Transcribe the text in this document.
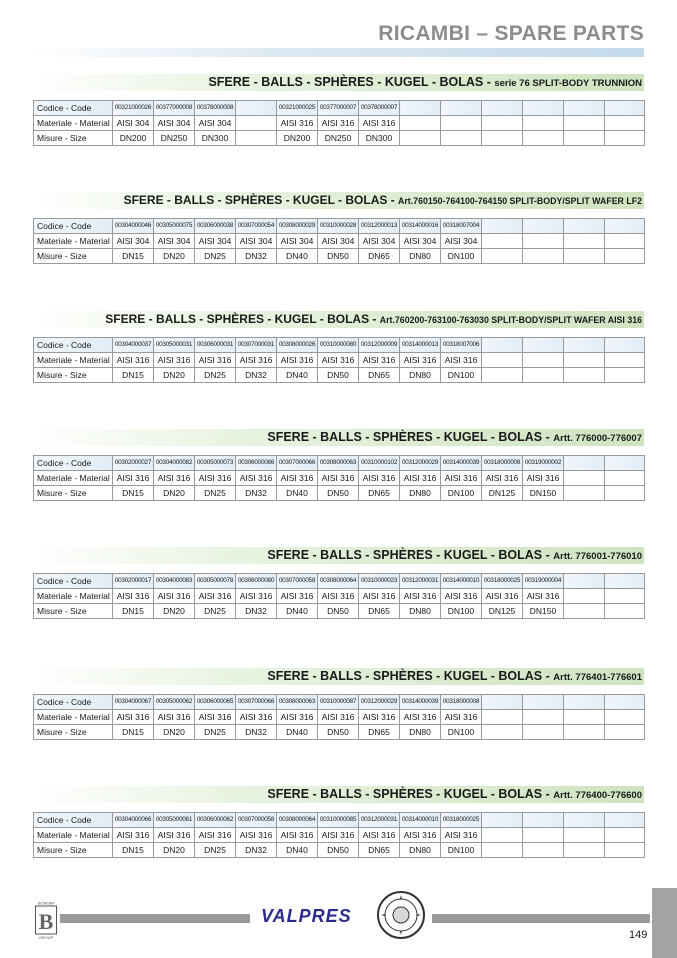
RICAMBI – SPARE PARTS
SFERE - BALLS - SPHÈRES - KUGEL - BOLAS - serie 76 SPLIT-BODY TRUNNION
Codice - Code	00321000026	00377000008	00378000008		00321000025	00377000007	00378000007						
Materiale - Material	AISI 304	AISI 304	AISI 304		AISI 316	AISI 316	AISI 316						
Misure - Size	DN200	DN250	DN300		DN200	DN250	DN300						
SFERE - BALLS - SPHÈRES - KUGEL - BOLAS - Art.760150-764100-764150 SPLIT-BODY/SPLIT WAFER LF2
Codice - Code	00304000046	00305000075	00306000038	00307000054	00308000029	00310000028	00312000013	00314000016	00318007004				
Materiale - Material	AISI 304	AISI 304	AISI 304	AISI 304	AISI 304	AISI 304	AISI 304	AISI 304	AISI 304				
Misure - Size	DN15	DN20	DN25	DN32	DN40	DN50	DN65	DN80	DN100				
SFERE - BALLS - SPHÈRES - KUGEL - BOLAS - Art.760200-763100-763030 SPLIT-BODY/SPLIT WAFER AISI 316
Codice - Code	00304000037	00305000031	00306000031	00307000031	00308000026	00310000080	00312000009	00314000013	00318007006				
Materiale - Material	AISI 316	AISI 316	AISI 316	AISI 316	AISI 316	AISI 316	AISI 316	AISI 316	AISI 316				
Misure - Size	DN15	DN20	DN25	DN32	DN40	DN50	DN65	DN80	DN100				
SFERE - BALLS - SPHÈRES - KUGEL - BOLAS - Artt. 776000-776007
Codice - Code	00302000027	00304000082	00305000073	00306000086	00307000066	00308000063	00310000102	00312000029	00314000039	00318000008	00319000002		
Materiale - Material	AISI 316	AISI 316	AISI 316	AISI 316	AISI 316	AISI 316	AISI 316	AISI 316	AISI 316	AISI 316	AISI 316		
Misure - Size	DN15	DN20	DN25	DN32	DN40	DN50	DN65	DN80	DN100	DN125	DN150		
SFERE - BALLS - SPHÈRES - KUGEL - BOLAS - Artt. 776001-776010
Codice - Code	00302000017	00304000083	00305000078	00306000080	00307000058	00308000064	00310000023	00312000031	00314000010	00318000025	00319000004		
Materiale - Material	AISI 316	AISI 316	AISI 316	AISI 316	AISI 316	AISI 316	AISI 316	AISI 316	AISI 316	AISI 316	AISI 316		
Misure - Size	DN15	DN20	DN25	DN32	DN40	DN50	DN65	DN80	DN100	DN125	DN150		
SFERE - BALLS - SPHÈRES - KUGEL - BOLAS - Artt. 776401-776601
Codice - Code	00304000067	00305000062	00306000065	00307000066	00308000063	00310000087	00312000029	00314000039	00318000008				
Materiale - Material	AISI 316	AISI 316	AISI 316	AISI 316	AISI 316	AISI 316	AISI 316	AISI 316	AISI 316				
Misure - Size	DN15	DN20	DN25	DN32	DN40	DN50	DN65	DN80	DN100				
SFERE - BALLS - SPHÈRES - KUGEL - BOLAS - Artt. 776400-776600
Codice - Code	00304000066	00305000061	00306000062	00307000058	00308000064	00310000085	00312000031	00314000010	00318000025				
Materiale - Material	AISI 316	AISI 316	AISI 316	AISI 316	AISI 316	AISI 316	AISI 316	AISI 316	AISI 316				
Misure - Size	DN15	DN20	DN25	DN32	DN40	DN50	DN65	DN80	DN100				
BONOMI
B
GROUP
VALPRES
149
